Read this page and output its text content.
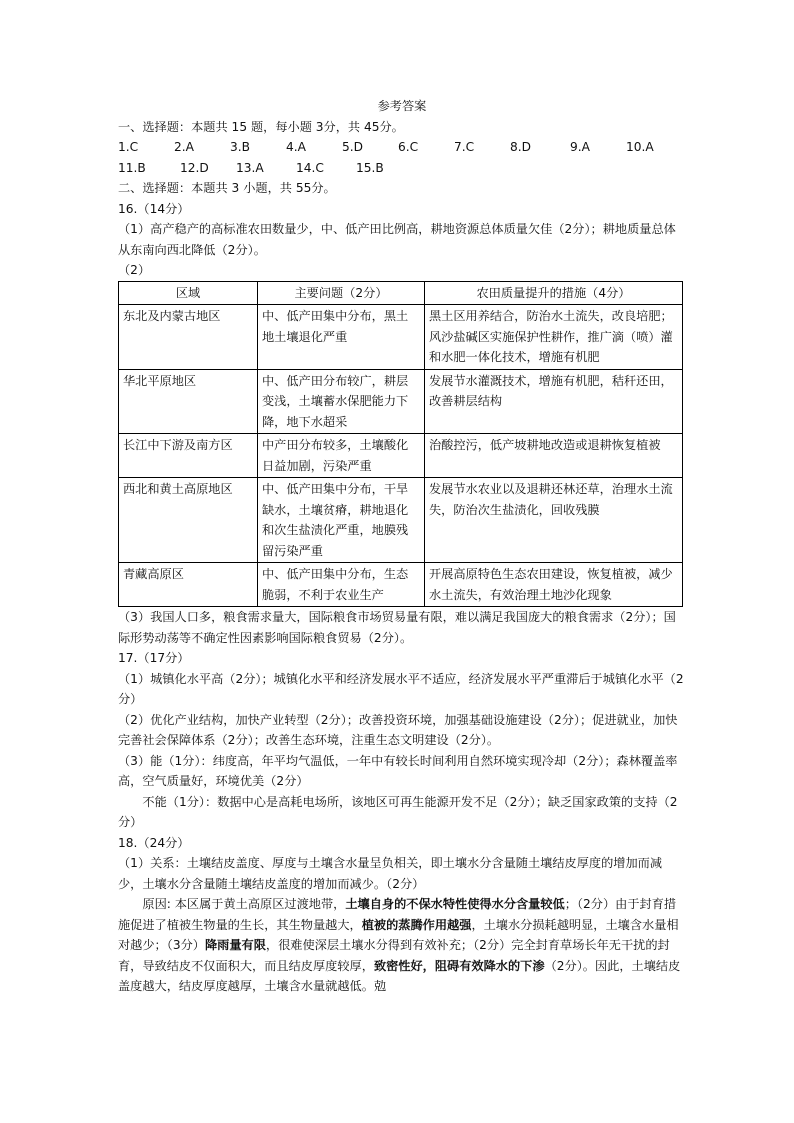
参考答案
一、选择题：本题共 15 题，每小题 3分，共 45分。
1.C	2.A	3.B	4.A	5.D	6.C	7.C	8.D	9.A	10.A
11.B	12.D	13.A	14.C	15.B
二、选择题：本题共 3 小题，共 55分。
16.（14分）
（1）高产稳产的高标准农田数量少，中、低产田比例高，耕地资源总体质量欠佳（2分）；耕地质量总体从东南向西北降低（2分）。
（2）
区域	主要问题（2分）	农田质量提升的措施（4分）
东北及内蒙古地区	中、低产田集中分布，黑土地土壤退化严重	黑土区用养结合，防治水土流失，改良培肥；风沙盐碱区实施保护性耕作，推广滴（喷）灌和水肥一体化技术，增施有机肥
华北平原地区	中、低产田分布较广，耕层变浅，土壤蓄水保肥能力下降，地下水超采	发展节水灌溉技术，增施有机肥，秸秆还田，改善耕层结构
长江中下游及南方区	中产田分布较多，土壤酸化日益加剧，污染严重	治酸控污，低产坡耕地改造或退耕恢复植被
西北和黄土高原地区	中、低产田集中分布，干旱缺水，土壤贫瘠，耕地退化和次生盐渍化严重，地膜残留污染严重	发展节水农业以及退耕还林还草，治理水土流失，防治次生盐渍化，回收残膜
青藏高原区	中、低产田集中分布，生态脆弱，不利于农业生产	开展高原特色生态农田建设，恢复植被，减少水土流失，有效治理土地沙化现象
（3）我国人口多，粮食需求量大，国际粮食市场贸易量有限，难以满足我国庞大的粮食需求（2分）；国际形势动荡等不确定性因素影响国际粮食贸易（2分）。
17.（17分）
（1）城镇化水平高（2分）；城镇化水平和经济发展水平不适应，经济发展水平严重滞后于城镇化水平（2分）
（2）优化产业结构，加快产业转型（2分）；改善投资环境，加强基础设施建设（2分）；促进就业，加快完善社会保障体系（2分）；改善生态环境，注重生态文明建设（2分）。
（3）能（1分）：纬度高，年平均气温低，一年中有较长时间利用自然环境实现冷却（2分）；森林覆盖率高，空气质量好，环境优美（2分）
不能（1分）：数据中心是高耗电场所，该地区可再生能源开发不足（2分）；缺乏国家政策的支持（2分）
18.（24分）
（1）关系：土壤结皮盖度、厚度与土壤含水量呈负相关，即土壤水分含量随土壤结皮厚度的增加而减少，土壤水分含量随土壤结皮盖度的增加而减少。（2分）
原因: 本区属于黄土高原区过渡地带，土壤自身的不保水特性使得水分含量较低；（2分）由于封育措施促进了植被生物量的生长，其生物量越大，植被的蒸腾作用越强，土壤水分损耗越明显，土壤含水量相对越少；（3分）降雨量有限，很难使深层土壤水分得到有效补充；（2分）完全封育草场长年无干扰的封育，导致结皮不仅面积大，而且结皮厚度较厚，致密性好，阻碍有效降水的下渗（2分）。因此，土壤结皮盖度越大，结皮厚度越厚，土壤含水量就越低。勊
